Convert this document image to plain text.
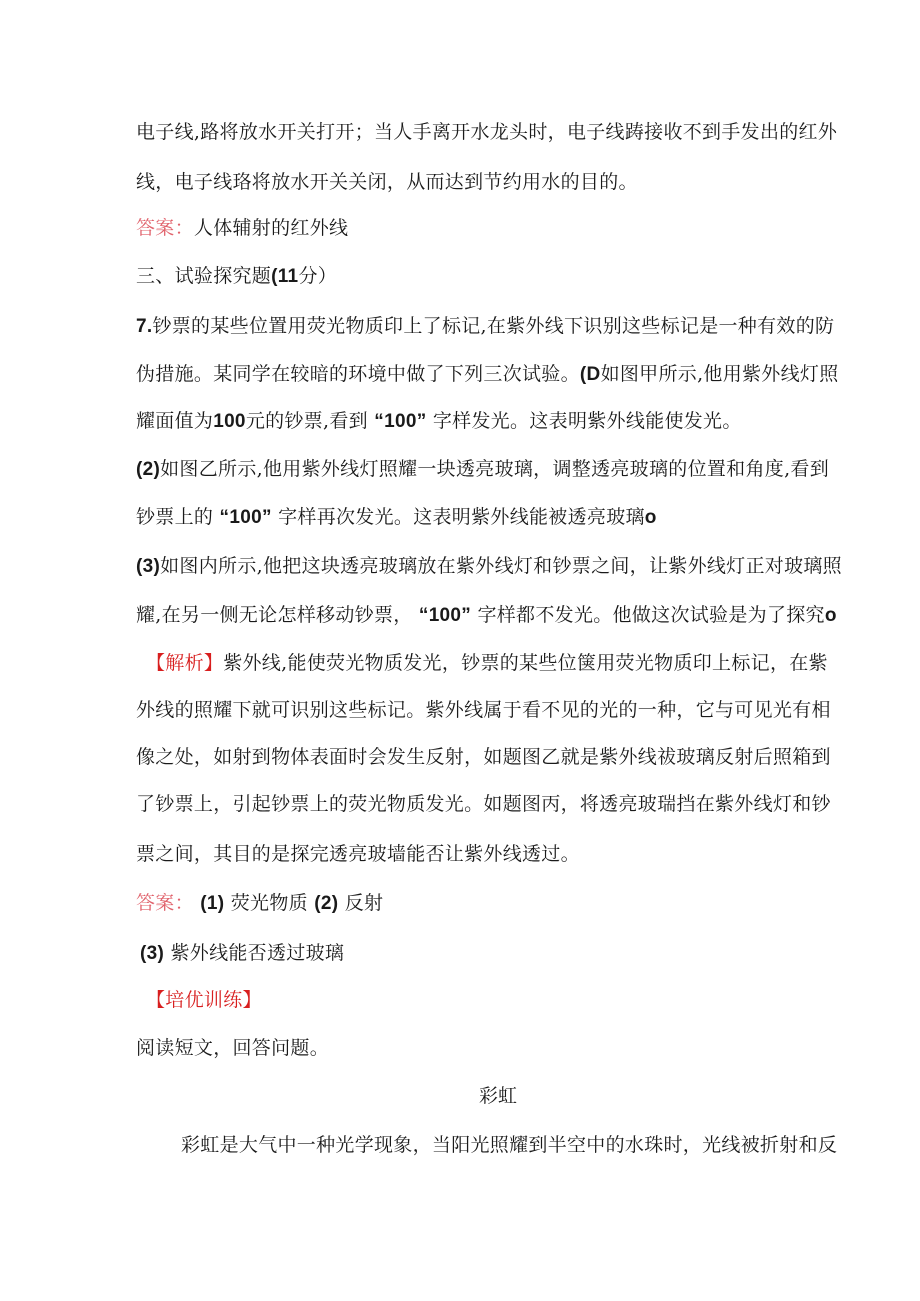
电子线,路将放水开关打开；当人手离开水龙头时，电子线踌接收不到手发出的红外
线，电子线珞将放水开关关闭，从而达到节约用水的目的。
答案：人体辅射的红外线
三、试验探究题(11分）
7.钞票的某些位置用荧光物质印上了标记,在紫外线下识别这些标记是一种有效的防
伪措施。某同学在较暗的环境中做了下列三次试验。(D如图甲所示,他用紫外线灯照
耀面值为100元的钞票,看到 “100” 字样发光。这表明紫外线能使发光。
(2)如图乙所示,他用紫外线灯照耀一块透亮玻璃，调整透亮玻璃的位置和角度,看到
钞票上的 “100” 字样再次发光。这表明紫外线能被透亮玻璃o
(3)如图内所示,他把这块透亮玻璃放在紫外线灯和钞票之间，让紫外线灯正对玻璃照
耀,在另一侧无论怎样移动钞票， “100” 字样都不发光。他做这次试验是为了探究o
【解析】紫外线,能使荧光物质发光，钞票的某些位箧用荧光物质印上标记，在紫
外线的照耀下就可识别这些标记。紫外线属于看不见的光的一种，它与可见光有相
像之处，如射到物体表面时会发生反射，如题图乙就是紫外线祓玻璃反射后照箱到
了钞票上，引起钞票上的荧光物质发光。如题图丙，将透亮玻瑞挡在紫外线灯和钞
票之间，其目的是探完透亮玻墙能否让紫外线透过。
答案： (1) 荧光物质 (2) 反射
(3) 紫外线能否透过玻璃
【培优训练】
阅读短文，回答问题。
彩虹
彩虹是大气中一种光学现象，当阳光照耀到半空中的水珠时，光线被折射和反
